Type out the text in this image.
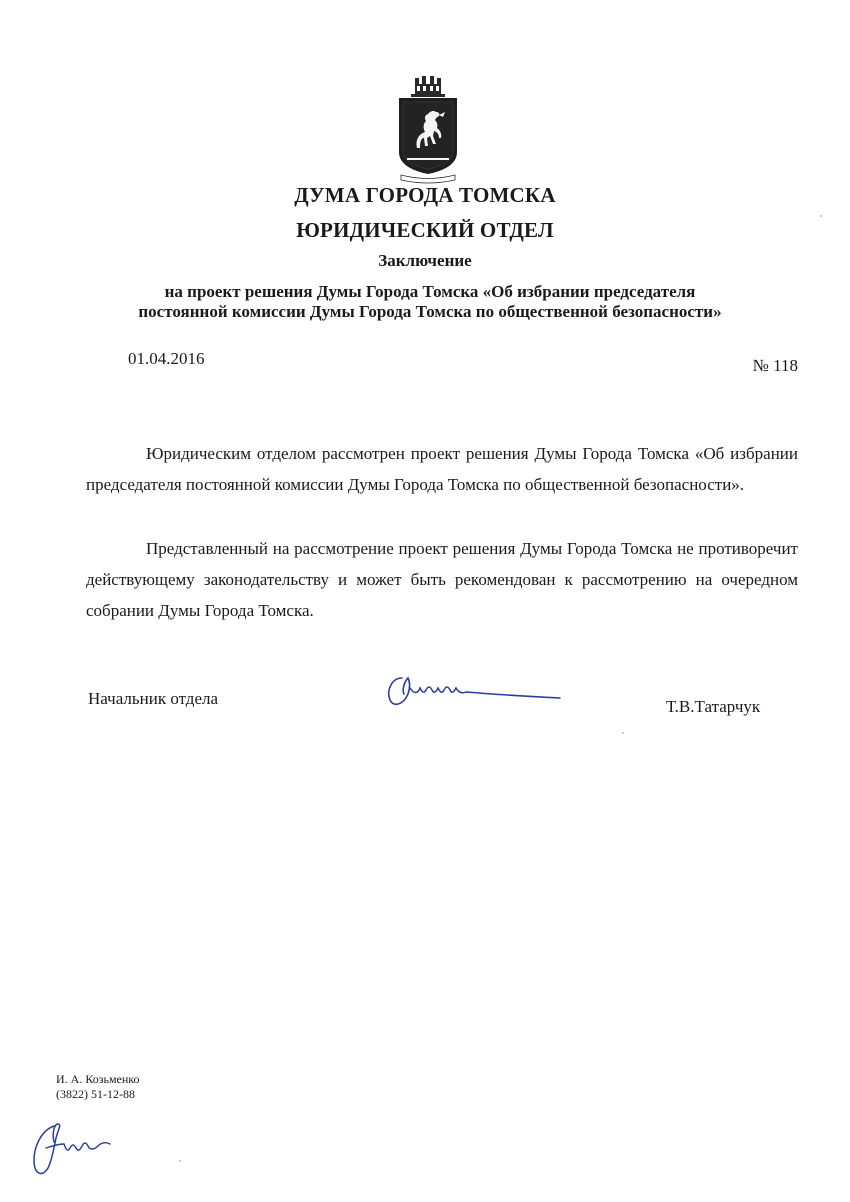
ДУМА ГОРОДА ТОМСКА
ЮРИДИЧЕСКИЙ ОТДЕЛ
Заключение
на проект решения Думы Города Томска «Об избрании председателя
постоянной комиссии Думы Города Томска по общественной безопасности»
01.04.2016	№ 118

Юридическим отделом рассмотрен проект решения Думы Города Томска «Об избрании председателя постоянной комиссии Думы Города Томска по общественной безопасности».

Представленный на рассмотрение проект решения Думы Города Томска не противоречит действующему законодательству и может быть рекомендован к рассмотрению на очередном собрании Думы Города Томска.

Начальник отдела	Т.В.Татарчук
И. А. Козьменко
(3822) 51-12-88
